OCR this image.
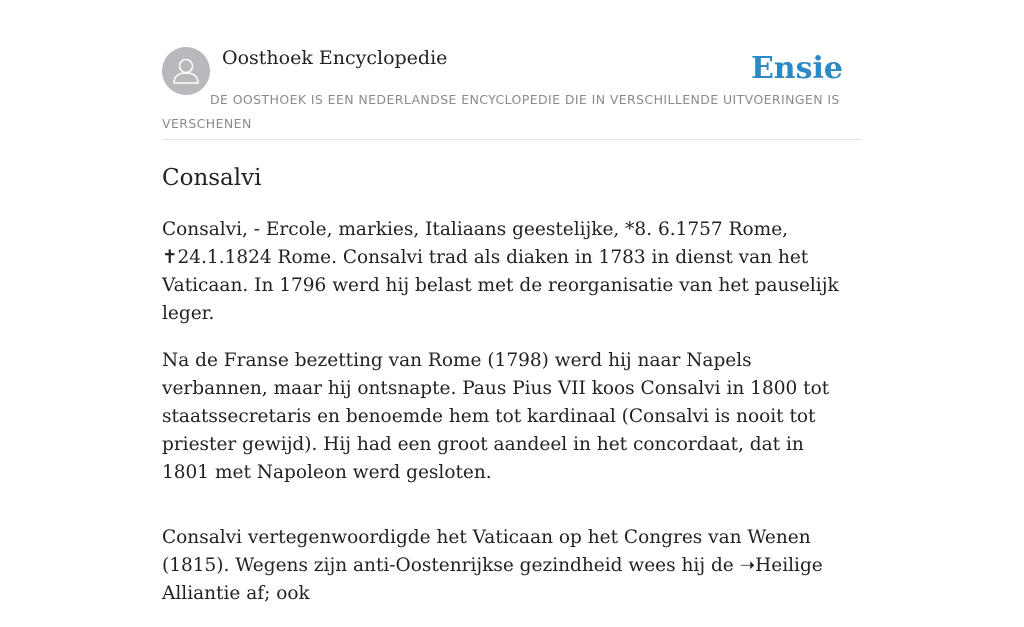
Oosthoek Encyclopedie	Ensie
DE OOSTHOEK IS EEN NEDERLANDSE ENCYCLOPEDIE DIE IN VERSCHILLENDE UITVOERINGEN IS VERSCHENEN
Consalvi

Consalvi, - Ercole, markies, Italiaans geestelijke, *8. 6.1757 Rome, ✝24.1.1824 Rome. Consalvi trad als diaken in 1783 in dienst van het Vaticaan. In 1796 werd hij belast met de reorganisatie van het pauselijk leger.

Na de Franse bezetting van Rome (1798) werd hij naar Napels verbannen, maar hij ontsnapte. Paus Pius VII koos Consalvi in 1800 tot staatssecretaris en benoemde hem tot kardinaal (Consalvi is nooit tot priester gewijd). Hij had een groot aandeel in het concordaat, dat in 1801 met Napoleon werd gesloten.

Consalvi vertegenwoordigde het Vaticaan op het Congres van Wenen (1815). Wegens zijn anti-Oostenrijkse gezindheid wees hij de ➝Heilige Alliantie af; ook
